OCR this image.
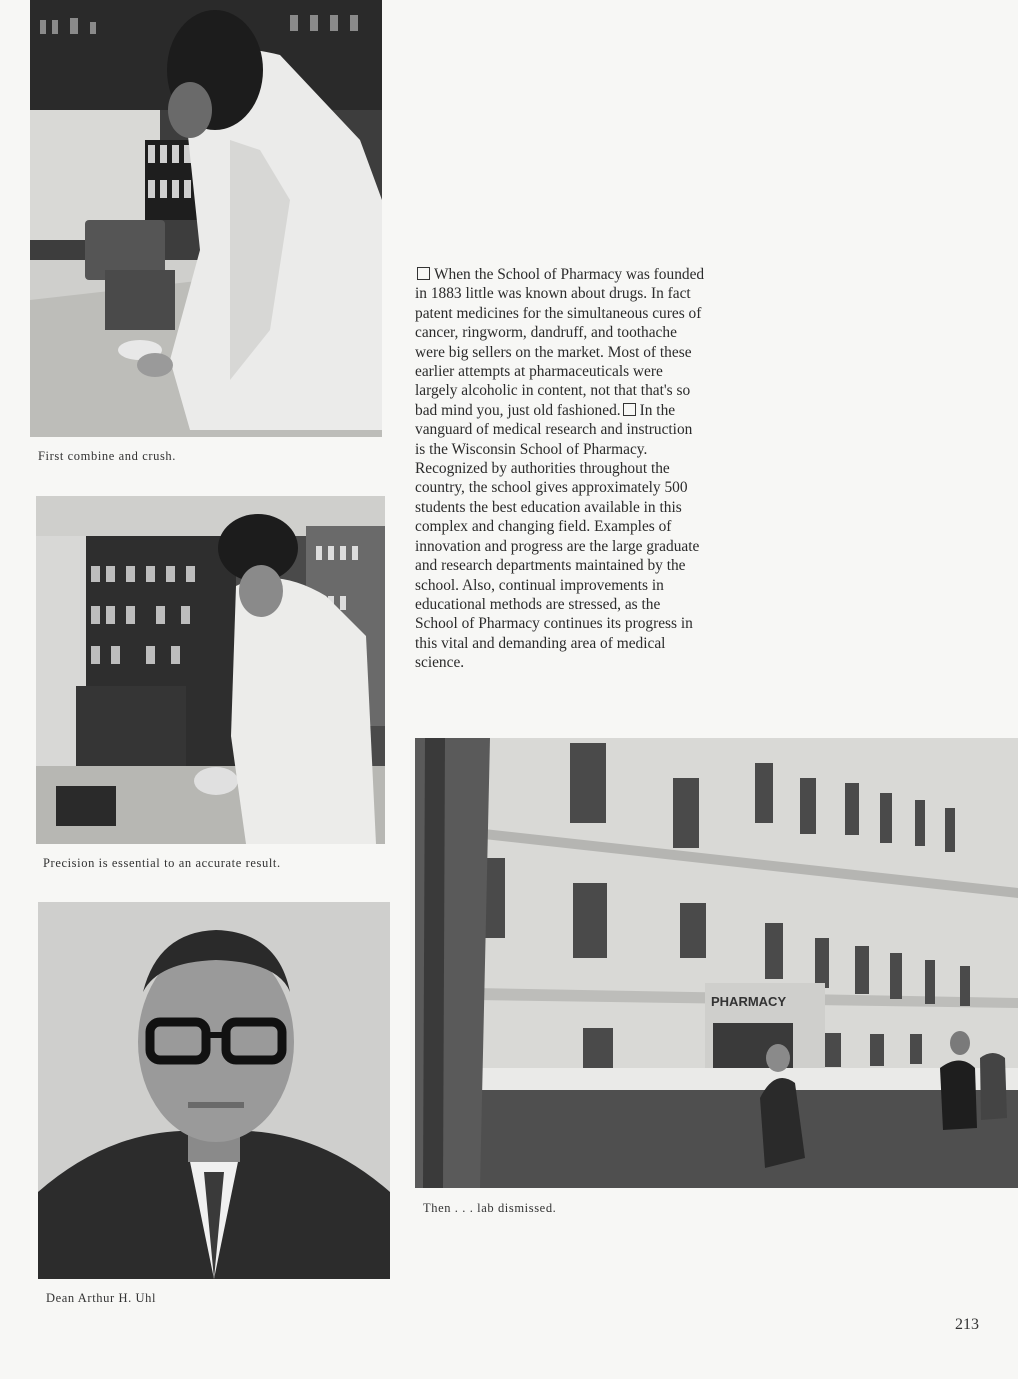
First combine and crush.
Precision is essential to an accurate result.
Dean Arthur H. Uhl
PHARMACY
Then . . . lab dismissed.
When the School of Pharmacy was founded in 1883 little was known about drugs. In fact patent medicines for the simultaneous cures of cancer, ringworm, dandruff, and toothache were big sellers on the market. Most of these earlier attempts at pharmaceuticals were largely alcoholic in content, not that that's so bad mind you, just old fashioned. In the vanguard of medical research and instruction is the Wisconsin School of Pharmacy. Recognized by authorities throughout the country, the school gives approximately 500 students the best education available in this complex and changing field. Examples of innovation and progress are the large graduate and research departments maintained by the school. Also, continual improvements in educational methods are stressed, as the School of Pharmacy continues its progress in this vital and demanding area of medical science.
213
